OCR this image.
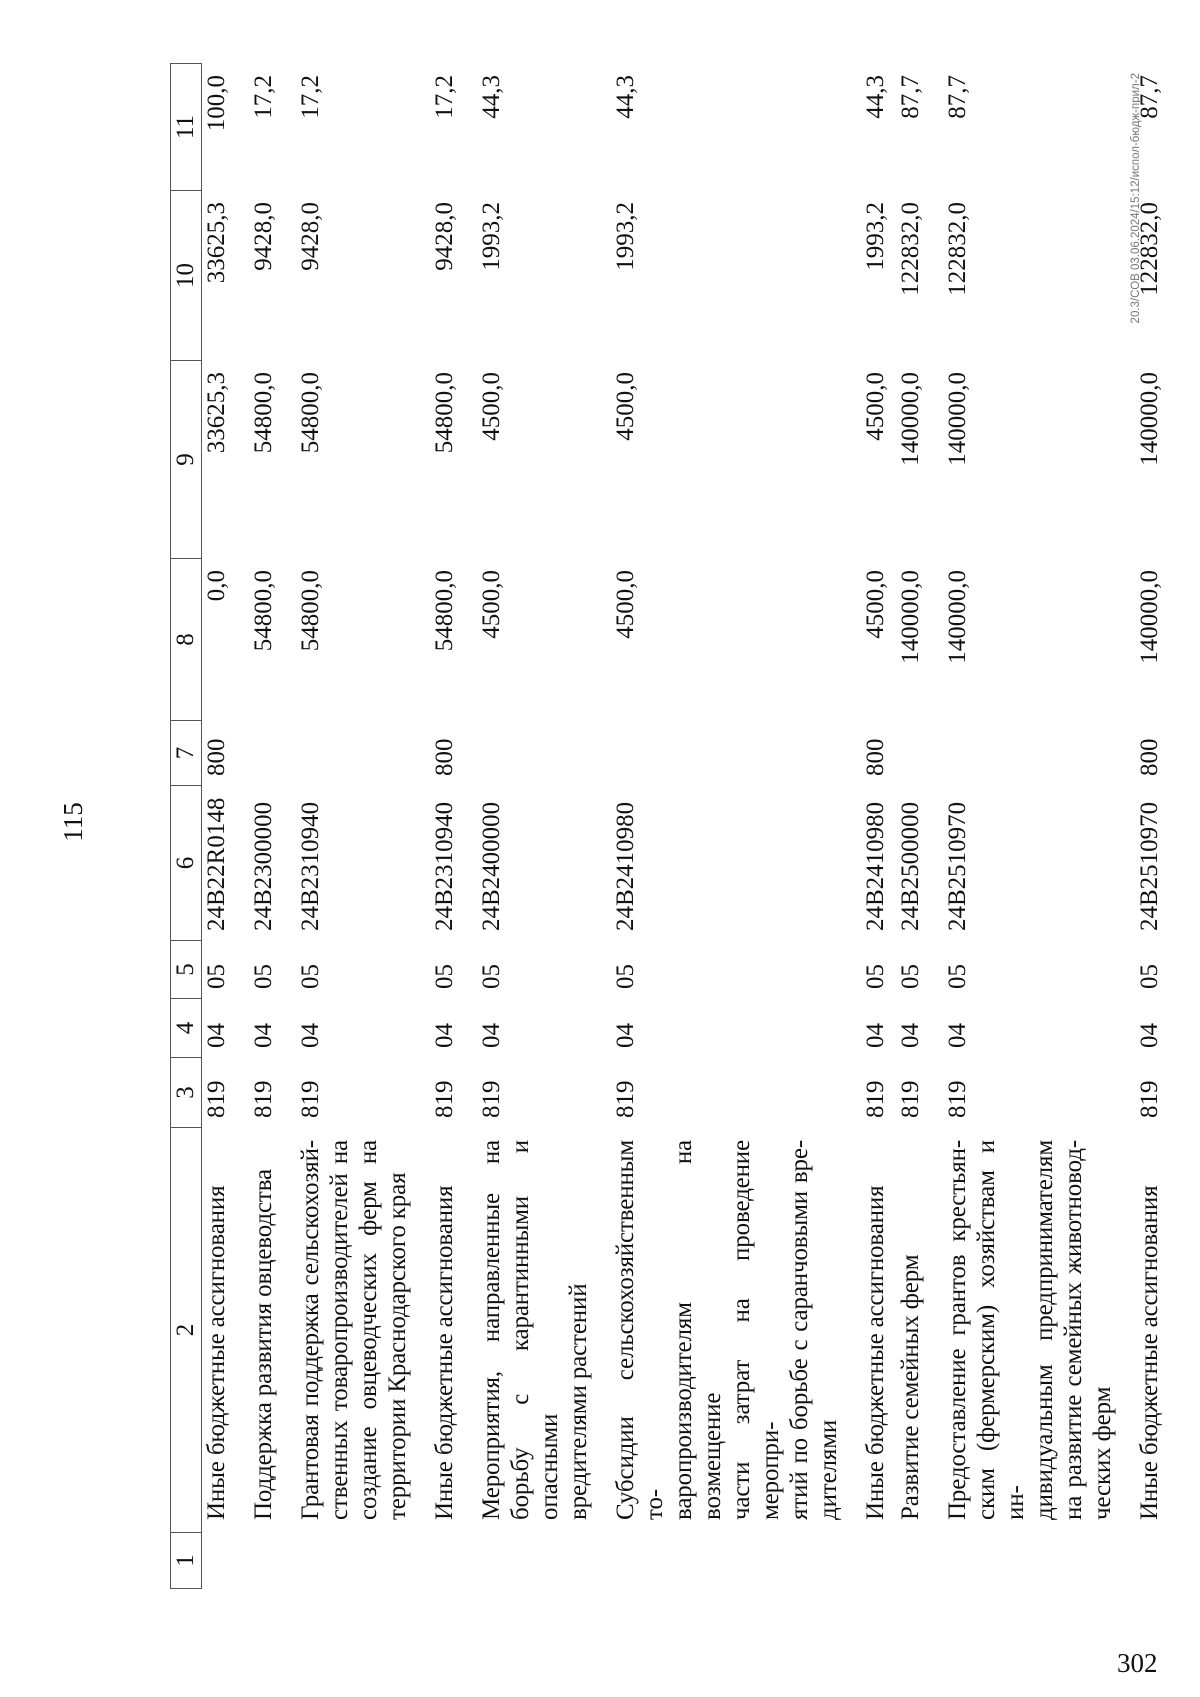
115
1
2
3
4
5
6
7
8
9
10
11
Иные бюджетные ассигнования
819
04
05
24В22R0148
800
0,0
33625,3
33625,3
100,0
Поддержка развития овцеводства
819
04
05
24В2300000
54800,0
54800,0
9428,0
17,2
Грантовая поддержка сельскохозяй- ственных товаропроизводителей на создание овцеводческих ферм на территории Краснодарского края
819
04
05
24В2310940
54800,0
54800,0
9428,0
17,2
Иные бюджетные ассигнования
819
04
05
24В2310940
800
54800,0
54800,0
9428,0
17,2
Мероприятия, направленные на борьбу с карантинными и опасными вредителями растений
819
04
05
24В2400000
4500,0
4500,0
1993,2
44,3
Субсидии сельскохозяйственным то- варопроизводителям на возмещение части затрат на проведение меропри- ятий по борьбе с саранчовыми вре- дителями
819
04
05
24В2410980
4500,0
4500,0
1993,2
44,3
Иные бюджетные ассигнования
819
04
05
24В2410980
800
4500,0
4500,0
1993,2
44,3
Развитие семейных ферм
819
04
05
24В2500000
140000,0
140000,0
122832,0
87,7
Предоставление грантов крестьян- ским (фермерским) хозяйствам и ин- дивидуальным предпринимателям на развитие семейных животновод- ческих ферм
819
04
05
24В2510970
140000,0
140000,0
122832,0
87,7
Иные бюджетные ассигнования
819
04
05
24В2510970
800
140000,0
140000,0
122832,0
87,7
20.3/СОВ 03.06.2024/15:12/испол-бюдж-прил-2
302
